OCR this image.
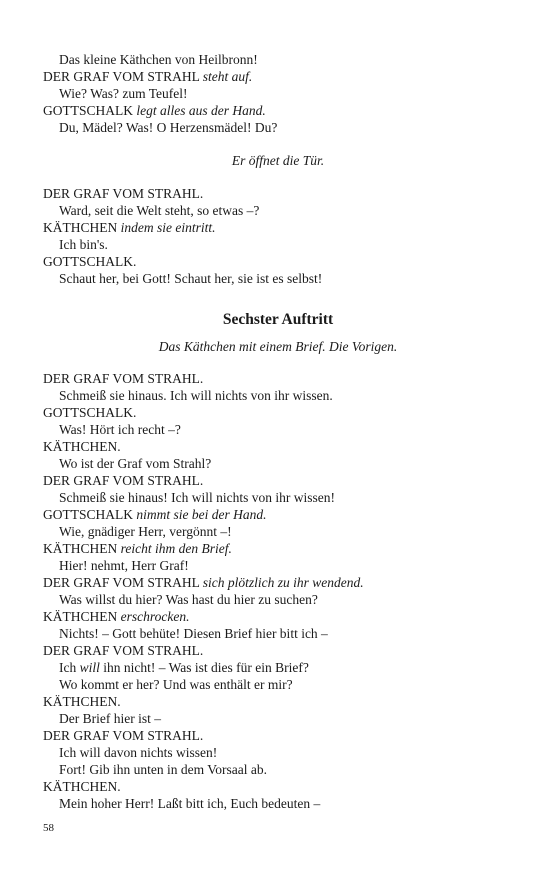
Das kleine Käthchen von Heilbronn!
DER GRAF VOM STRAHL steht auf.
Wie? Was? zum Teufel!
GOTTSCHALK legt alles aus der Hand.
Du, Mädel? Was! O Herzensmädel! Du?
Er öffnet die Tür.
DER GRAF VOM STRAHL.
Ward, seit die Welt steht, so etwas –?
KÄTHCHEN indem sie eintritt.
Ich bin's.
GOTTSCHALK.
Schaut her, bei Gott! Schaut her, sie ist es selbst!
Sechster Auftritt
Das Käthchen mit einem Brief. Die Vorigen.
DER GRAF VOM STRAHL.
Schmeiß sie hinaus. Ich will nichts von ihr wissen.
GOTTSCHALK.
Was! Hört ich recht –?
KÄTHCHEN.
Wo ist der Graf vom Strahl?
DER GRAF VOM STRAHL.
Schmeiß sie hinaus! Ich will nichts von ihr wissen!
GOTTSCHALK nimmt sie bei der Hand.
Wie, gnädiger Herr, vergönnt –!
KÄTHCHEN reicht ihm den Brief.
Hier! nehmt, Herr Graf!
DER GRAF VOM STRAHL sich plötzlich zu ihr wendend.
Was willst du hier? Was hast du hier zu suchen?
KÄTHCHEN erschrocken.
Nichts! – Gott behüte! Diesen Brief hier bitt ich –
DER GRAF VOM STRAHL.
Ich will ihn nicht! – Was ist dies für ein Brief?
Wo kommt er her? Und was enthält er mir?
KÄTHCHEN.
Der Brief hier ist –
DER GRAF VOM STRAHL.
Ich will davon nichts wissen!
Fort! Gib ihn unten in dem Vorsaal ab.
KÄTHCHEN.
Mein hoher Herr! Laßt bitt ich, Euch bedeuten –
58
